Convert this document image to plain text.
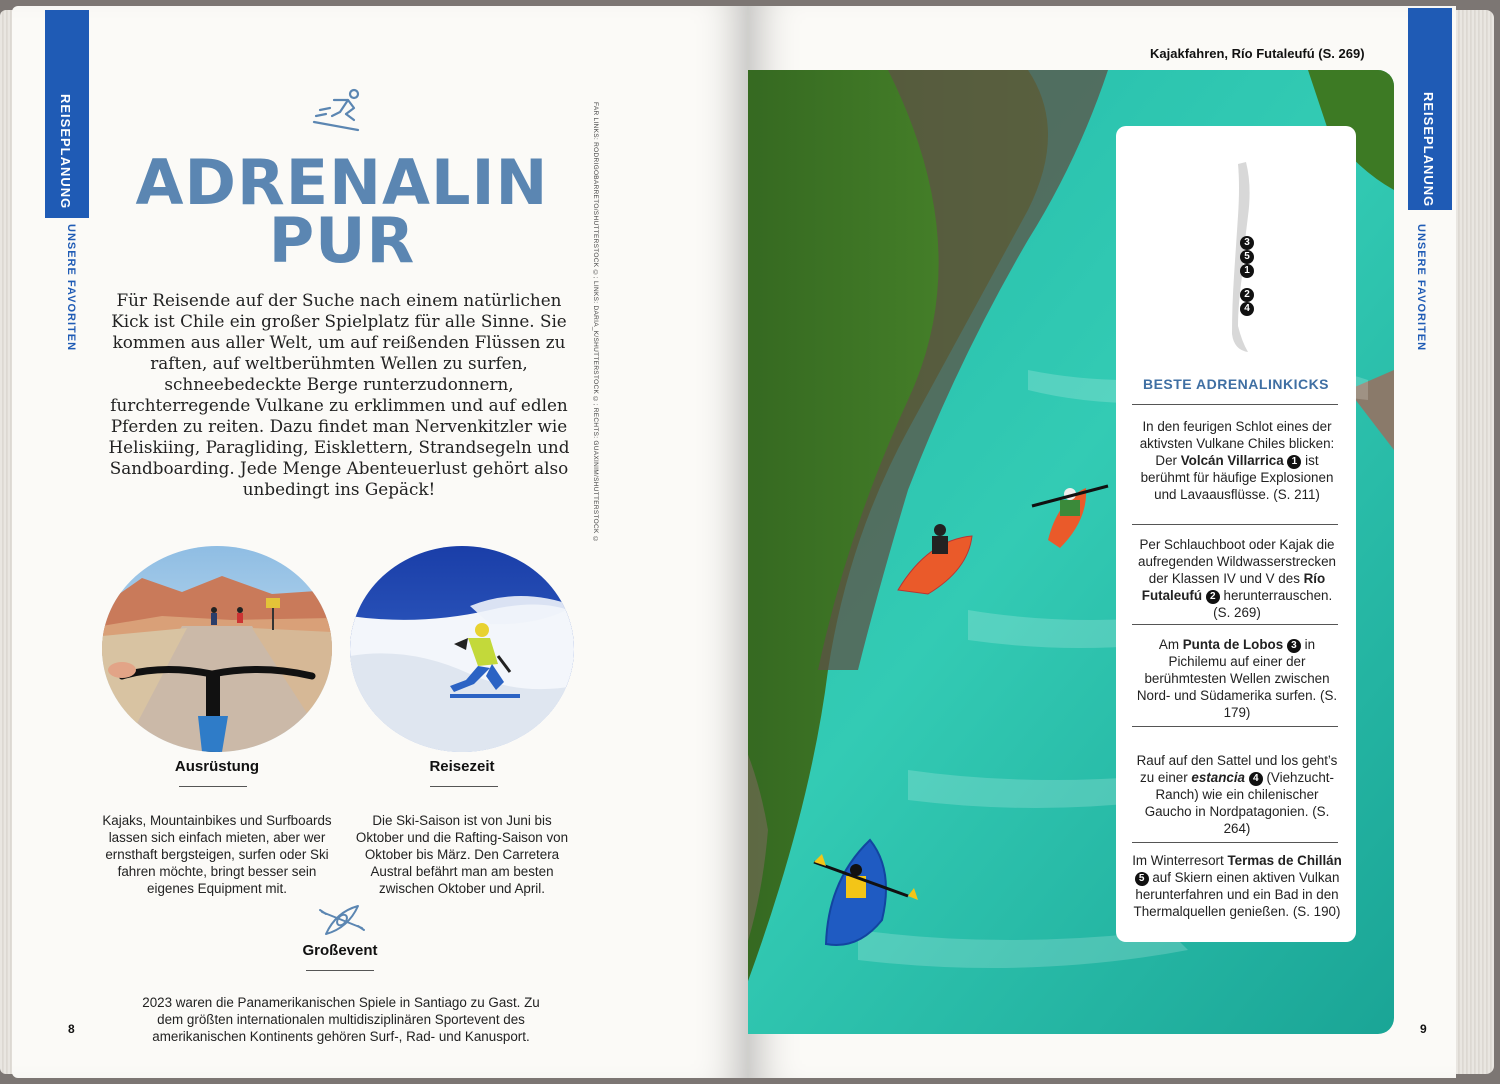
REISEPLANUNG
UNSERE FAVORITEN
ADRENALIN
PUR
Für Reisende auf der Suche nach einem natürlichen Kick ist Chile ein großer Spielplatz für alle Sinne. Sie kommen aus aller Welt, um auf reißenden Flüssen zu raften, auf weltberühmten Wellen zu surfen, schneebedeckte Berge runterzudonnern, furchterregende Vulkane zu erklimmen und auf edlen Pferden zu reiten. Dazu findet man Nervenkitzler wie Heliskiing, Paragliding, Eisklettern, Strandsegeln und Sandboarding. Jede Menge Abenteuerlust gehört also unbedingt ins Gepäck!
Ausrüstung
Kajaks, Mountainbikes und Surfboards lassen sich einfach mieten, aber wer ernsthaft bergsteigen, surfen oder Ski fahren möchte, bringt besser sein eigenes Equipment mit.
Reisezeit
Die Ski-Saison ist von Juni bis Oktober und die Rafting-Saison von Oktober bis März. Den Carretera Austral befährt man am besten zwischen Oktober und April.
Großevent
2023 waren die Panamerikanischen Spiele in Santiago zu Gast. Zu dem größten internationalen multidisziplinären Sportevent des amerikanischen Kontinents gehören Surf-, Rad- und Kanusport.
8
FAR LINKS: RODRIGOBARRETO/SHUTTERSTOCK ©; LINKS: DARIA_K/SHUTTERSTOCK ©; RECHTS: GUAXINIM/SHUTTERSTOCK ©
Kajakfahren, Río Futaleufú (S. 269)
3
5
1
2
4
BESTE ADRENALINKICKS
In den feurigen Schlot eines der aktivsten Vulkane Chiles blicken: Der Volcán Villarrica 1 ist berühmt für häufige Explosionen und Lavaausflüsse. (S. 211)
Per Schlauchboot oder Kajak die aufregenden Wildwasserstrecken der Klassen IV und V des Río Futaleufú 2 herunterrauschen. (S. 269)
Am Punta de Lobos 3 in Pichilemu auf einer der berühmtesten Wellen zwischen Nord- und Südamerika surfen. (S. 179)
Rauf auf den Sattel und los geht’s zu einer estancia 4 (Viehzucht-Ranch) wie ein chilenischer Gaucho in Nordpatagonien. (S. 264)
Im Winterresort Termas de Chillán 5 auf Skiern einen aktiven Vulkan herunterfahren und ein Bad in den Thermalquellen genießen. (S. 190)
REISEPLANUNG
UNSERE FAVORITEN
9
